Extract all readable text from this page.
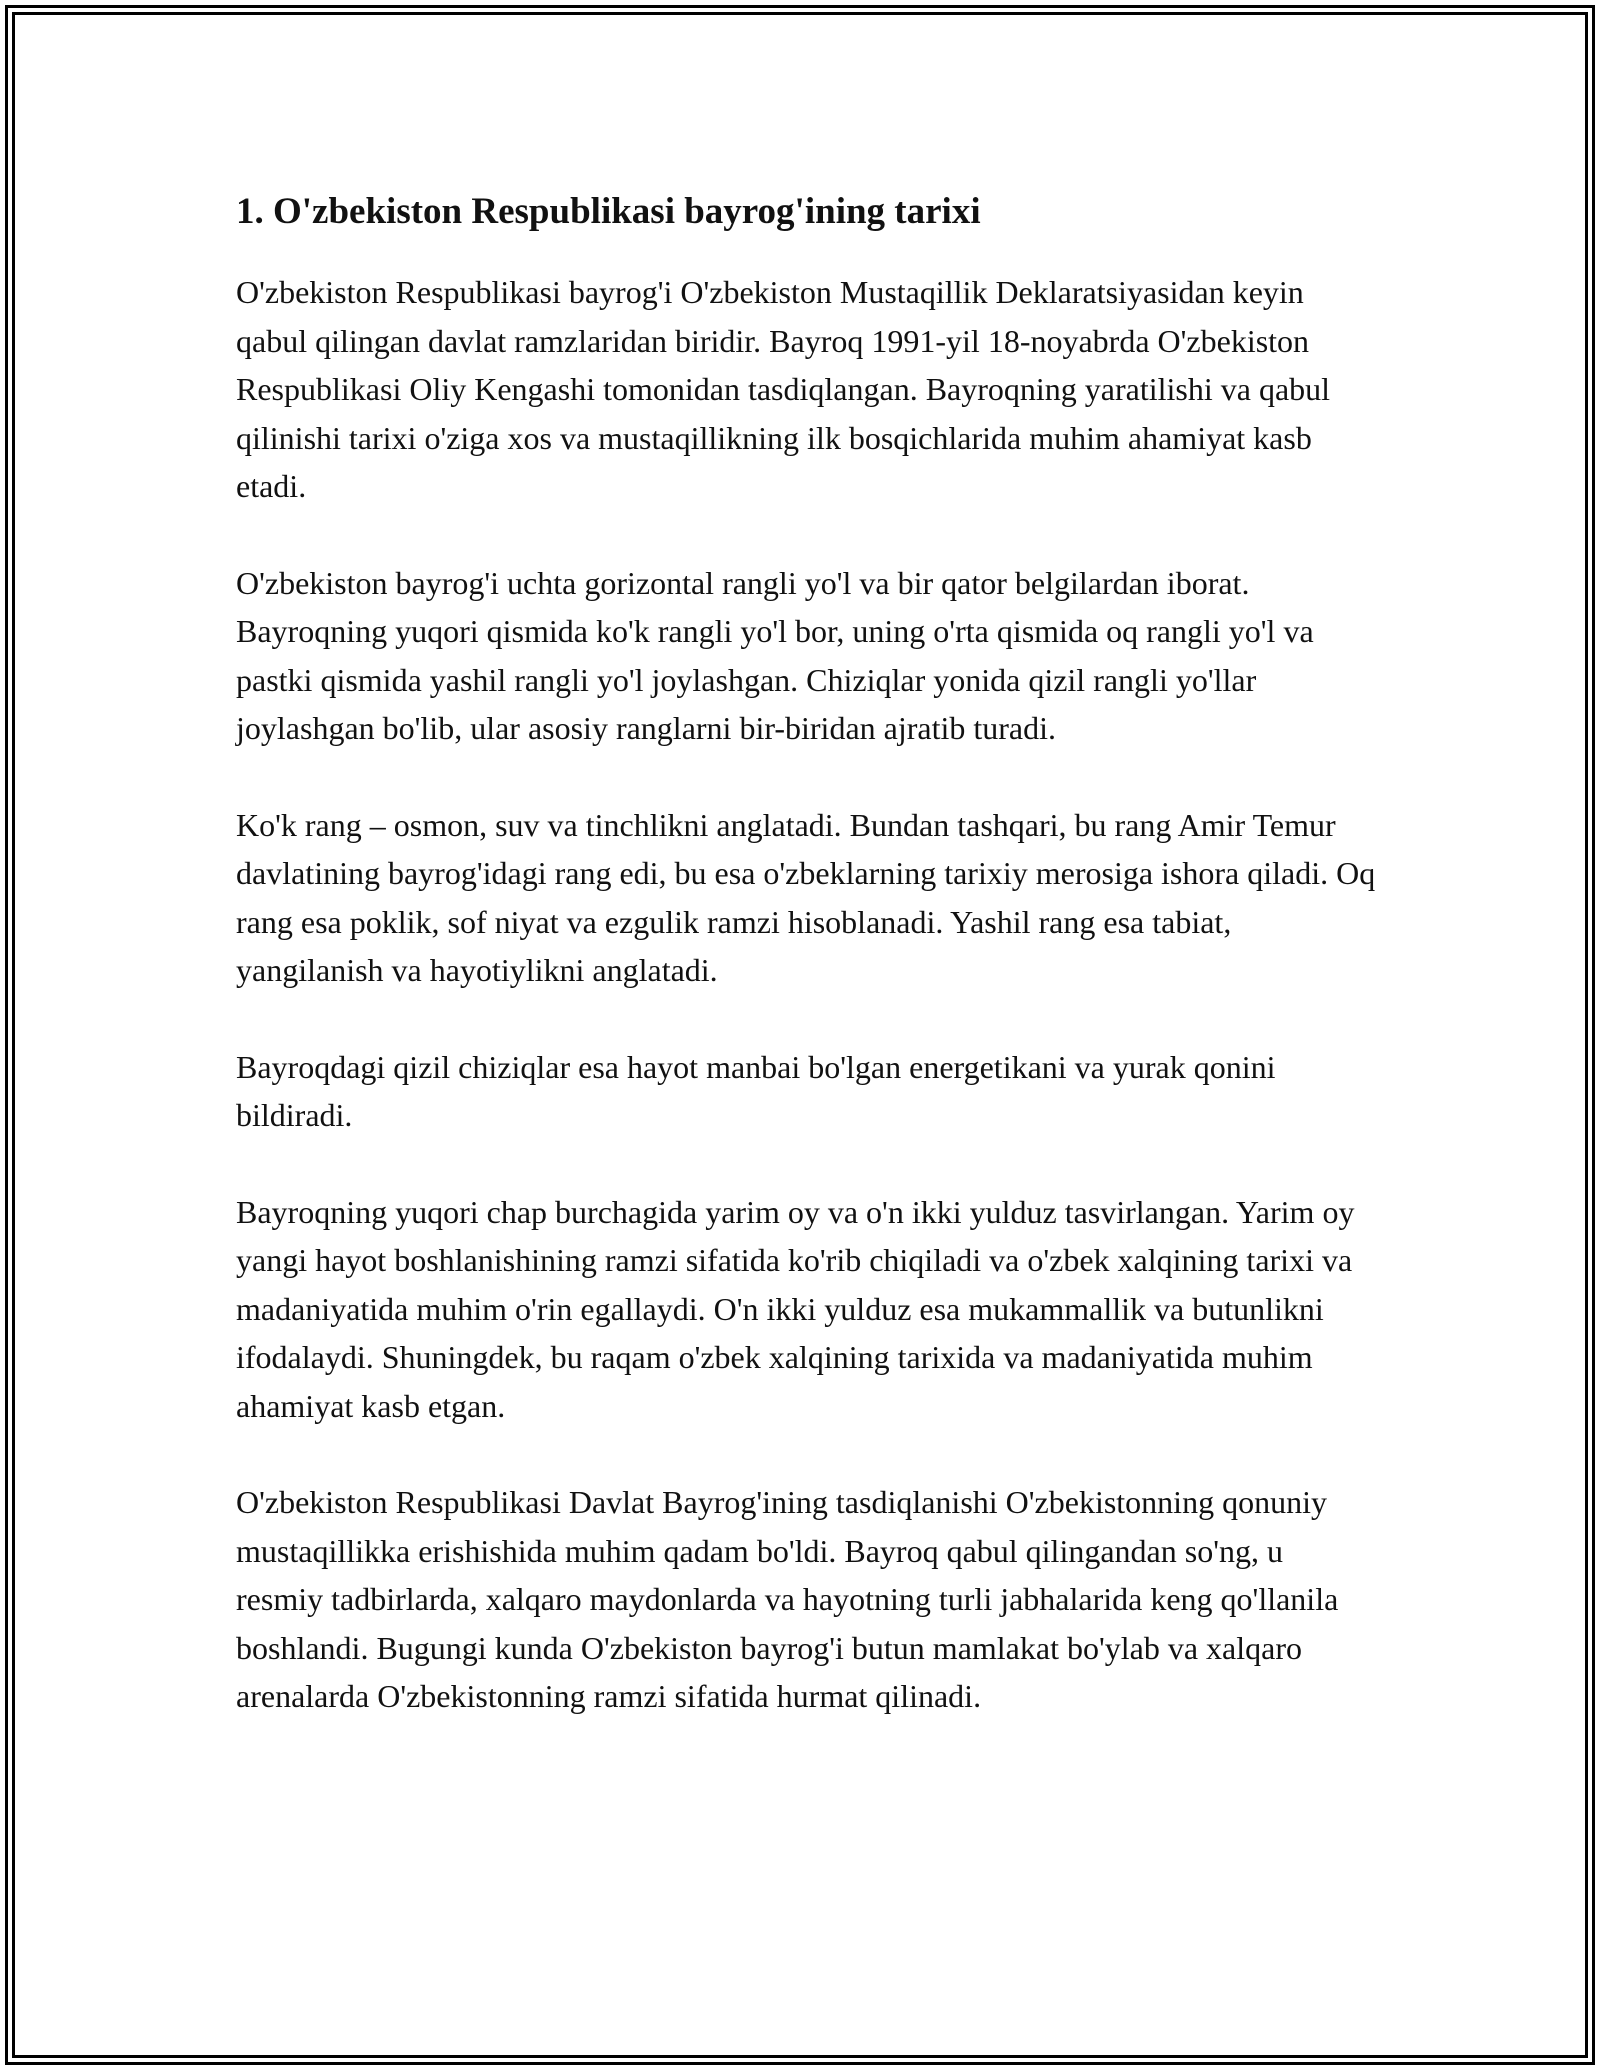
1. O'zbekiston Respublikasi bayrog'ining tarixi

O'zbekiston Respublikasi bayrog'i O'zbekiston Mustaqillik Deklaratsiyasidan keyin qabul qilingan davlat ramzlaridan biridir. Bayroq 1991-yil 18-noyabrda O'zbekiston Respublikasi Oliy Kengashi tomonidan tasdiqlangan. Bayroqning yaratilishi va qabul qilinishi tarixi o'ziga xos va mustaqillikning ilk bosqichlarida muhim ahamiyat kasb etadi.

O'zbekiston bayrog'i uchta gorizontal rangli yo'l va bir qator belgilardan iborat. Bayroqning yuqori qismida ko'k rangli yo'l bor, uning o'rta qismida oq rangli yo'l va pastki qismida yashil rangli yo'l joylashgan. Chiziqlar yonida qizil rangli yo'llar joylashgan bo'lib, ular asosiy ranglarni bir-biridan ajratib turadi.

Ko'k rang – osmon, suv va tinchlikni anglatadi. Bundan tashqari, bu rang Amir Temur davlatining bayrog'idagi rang edi, bu esa o'zbeklarning tarixiy merosiga ishora qiladi. Oq rang esa poklik, sof niyat va ezgulik ramzi hisoblanadi. Yashil rang esa tabiat, yangilanish va hayotiylikni anglatadi.

Bayroqdagi qizil chiziqlar esa hayot manbai bo'lgan energetikani va yurak qonini bildiradi.

Bayroqning yuqori chap burchagida yarim oy va o'n ikki yulduz tasvirlangan. Yarim oy yangi hayot boshlanishining ramzi sifatida ko'rib chiqiladi va o'zbek xalqining tarixi va madaniyatida muhim o'rin egallaydi. O'n ikki yulduz esa mukammallik va butunlikni ifodalaydi. Shuningdek, bu raqam o'zbek xalqining tarixida va madaniyatida muhim ahamiyat kasb etgan.

O'zbekiston Respublikasi Davlat Bayrog'ining tasdiqlanishi O'zbekistonning qonuniy mustaqillikka erishishida muhim qadam bo'ldi. Bayroq qabul qilingandan so'ng, u resmiy tadbirlarda, xalqaro maydonlarda va hayotning turli jabhalarida keng qo'llanila boshlandi. Bugungi kunda O'zbekiston bayrog'i butun mamlakat bo'ylab va xalqaro arenalarda O'zbekistonning ramzi sifatida hurmat qilinadi.
